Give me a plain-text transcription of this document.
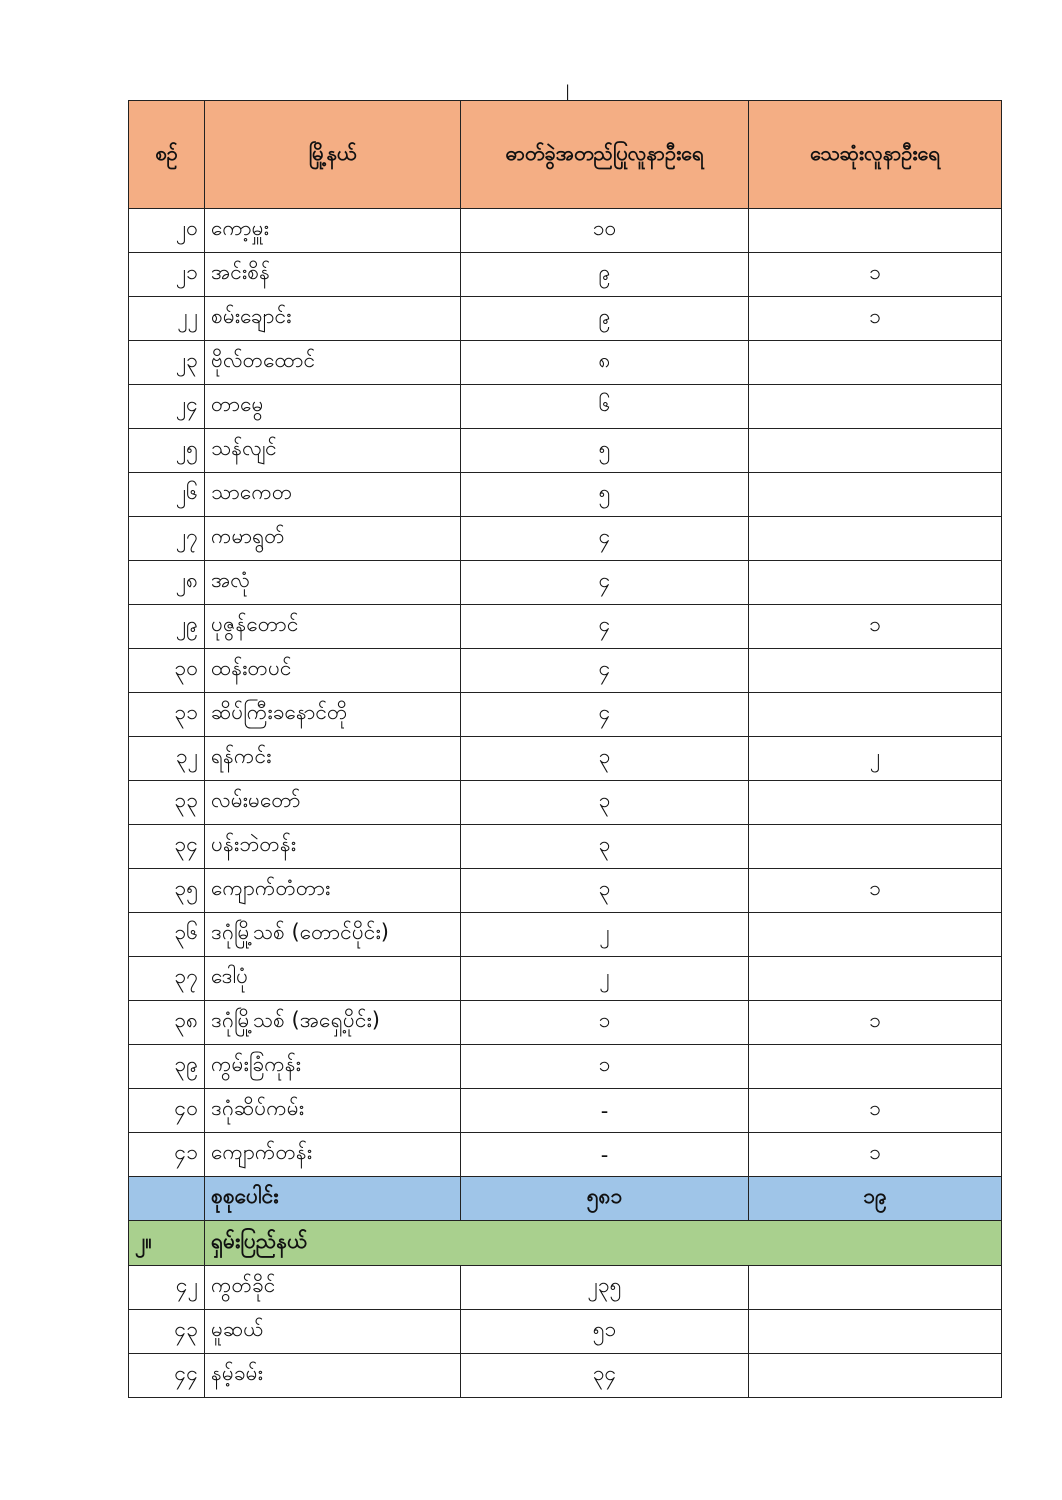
၂
စဉ်	မြို့နယ်	ဓာတ်ခွဲအတည်ပြုလူနာဦးရေ	သေဆုံးလူနာဦးရေ
၂၀	ကော့မှူး	၁၀	
၂၁	အင်းစိန်	၉	၁
၂၂	စမ်းချောင်း	၉	၁
၂၃	ဗိုလ်တထောင်	၈	
၂၄	တာမွေ	၆	
၂၅	သန်လျင်	၅	
၂၆	သာကေတ	၅	
၂၇	ကမာရွတ်	၄	
၂၈	အလုံ	၄	
၂၉	ပုဇွန်တောင်	၄	၁
၃၀	ထန်းတပင်	၄	
၃၁	ဆိပ်ကြီးခနောင်တို	၄	
၃၂	ရန်ကင်း	၃	၂
၃၃	လမ်းမတော်	၃	
၃၄	ပန်းဘဲတန်း	၃	
၃၅	ကျောက်တံတား	၃	၁
၃၆	ဒဂုံမြို့သစ် (တောင်ပိုင်း)	၂	
၃၇	ဒေါပုံ	၂	
၃၈	ဒဂုံမြို့သစ် (အရှေ့ပိုင်း)	၁	၁
၃၉	ကွမ်းခြံကုန်း	၁	
၄၀	ဒဂုံဆိပ်ကမ်း	-	၁
၄၁	ကျောက်တန်း	-	၁
	စုစုပေါင်း	၅၈၁	၁၉
၂။	ရှမ်းပြည်နယ်		
၄၂	ကွတ်ခိုင်	၂၃၅	
၄၃	မူဆယ်	၅၁	
၄၄	နမ့်ခမ်း	၃၄	
